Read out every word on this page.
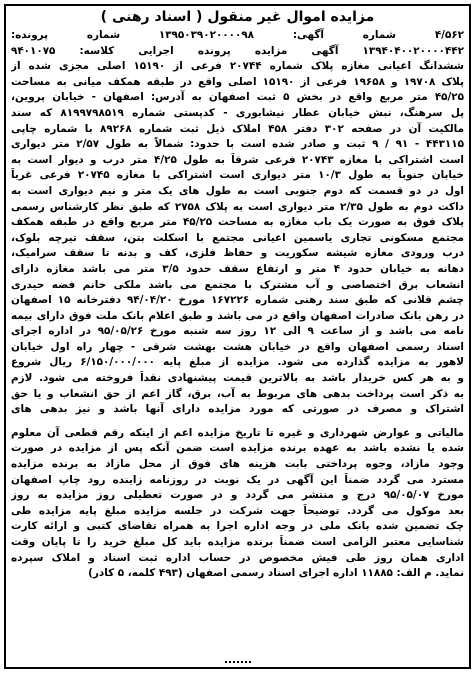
مزایده اموال غیر منقول ( اسناد رهنی )
۴/۵۶۲ شماره آگهی: ۱۳۹۵۰۳۹۰۲۰۰۰۰۹۸ شماره پرونده:
۱۳۹۴۰۴۰۰۲۰۰۰۰۴۴۲ آگهی مزایده پرونده اجرایی کلاسه: ۹۴۰۱۰۷۵
ششدانگ اعیانی مغازه پلاک شماره ۲۰۷۴۴ فرعی از ۱۵۱۹۰ اصلی مجزی شده از
پلاک ۱۹۷۰۸ و ۱۹۶۵۸ فرعی از ۱۵۱۹۰ اصلی واقع در طبقه همکف میانی به مساحت
۴۵/۲۵ متر مربع واقع در بخش ۵ ثبت اصفهان به آدرس: اصفهان - خیابان پروین،
پل سرهنگ، نبش خیابان عطار نیشابوری - کدپستی شماره ۸۱۹۹۷۹۸۵۱۹ که سند
مالکیت آن در صفحه ۳۰۲ دفتر ۴۵۸ املاک ذیل ثبت شماره ۸۹۲۶۸ با شماره چاپی
۴۴۳۱۱۵ - ۹۱ / ۹ ثبت و صادر شده است با حدود: شمالاً به طول ۲/۵۷ متر دیواری
است اشتراکی با مغازه ۲۰۷۴۳ فرعی شرقاً به طول ۴/۲۵ متر درب و دیوار است به
خیابان جنوباً به طول ۱۰/۳ متر دیواری است اشتراکی با مغازه ۲۰۷۴۵ فرعی غرباً
اول در دو قسمت که دوم جنوبی است به طول های یک متر و نیم دیواری است به
داکت دوم به طول ۲/۳۵ متر دیواری است به پلاک ۲۷۵۸ که طبق نظر کارشناس رسمی
پلاک فوق به صورت یک باب مغازه به مساحت ۴۵/۲۵ متر مربع واقع در طبقه همکف
مجتمع مسکونی تجاری یاسمین اعیانی مجتمع با اسکلت بتن، سقف تیرچه بلوک،
درب ورودی مغازه شیشه سکوریت و حفاظ فلزی، کف و بدنه تا سقف سرامیک،
دهانه به خیابان حدود ۴ متر و ارتفاع سقف حدود ۳/۵ متر می باشد مغازه دارای
انشعاب برق اختصاصی و آب مشترک با مجتمع می باشد ملکی خانم فضه حیدری
چشم قلانی که طبق سند رهنی شماره ۱۶۷۲۲۶ مورخ ۹۴/۰۴/۲۰ دفترخانه ۱۵ اصفهان
در رهن بانک صادرات اصفهان واقع در می باشد و طبق اعلام بانک ملت فوق دارای بیمه
نامه می باشد و از ساعت ۹ الی ۱۲ روز سه شنبه مورخ ۹۵/۰۵/۲۶ در اداره اجرای
اسناد رسمی اصفهان واقع در خیابان هشت بهشت شرقی - چهار راه اول خیابان
لاهور به مزایده گذارده می شود. مزایده از مبلغ پایه ۶/۱۵۰/۰۰۰/۰۰۰ ریال شروع
و به هر کس خریدار باشد به بالاترین قیمت پیشنهادی نقداً فروخته می شود. لازم
به ذکر است پرداخت بدهی های مربوط به آب، برق، گاز اعم از حق انشعاب و یا حق
اشتراک و مصرف در صورتی که مورد مزایده دارای آنها باشد و نیز بدهی های
مالیاتی و عوارض شهرداری و غیره تا تاریخ مزایده اعم از اینکه رقم قطعی آن معلوم
شده یا نشده باشد به عهده برنده مزایده است ضمن آنکه پس از مزایده در صورت
وجود مازاد، وجوه پرداختی بابت هزینه های فوق از محل مازاد به برنده مزایده
مسترد می گردد ضمناً این آگهی در یک نوبت در روزنامه زاینده رود چاپ اصفهان
مورخ ۹۵/۰۵/۰۷ درج و منتشر می گردد و در صورت تعطیلی روز مزایده به روز
بعد موکول می گردد. توضیحاً جهت شرکت در جلسه مزایده مبلغ پایه مزایده طی
چک تضمین شده بانک ملی در وجه اداره اجرا به همراه تقاضای کتبی و ارائه کارت
شناسایی معتبر الزامی است ضمناً برنده مزایده باید کل مبلغ خرید را تا پایان وقت
اداری همان روز طی فیش مخصوص در حساب اداره ثبت اسناد و املاک سپرده
نماید. م الف: ۱۱۸۸۵ اداره اجرای اسناد رسمی اصفهان (۴۹۳ کلمه، ۵ کادر)
